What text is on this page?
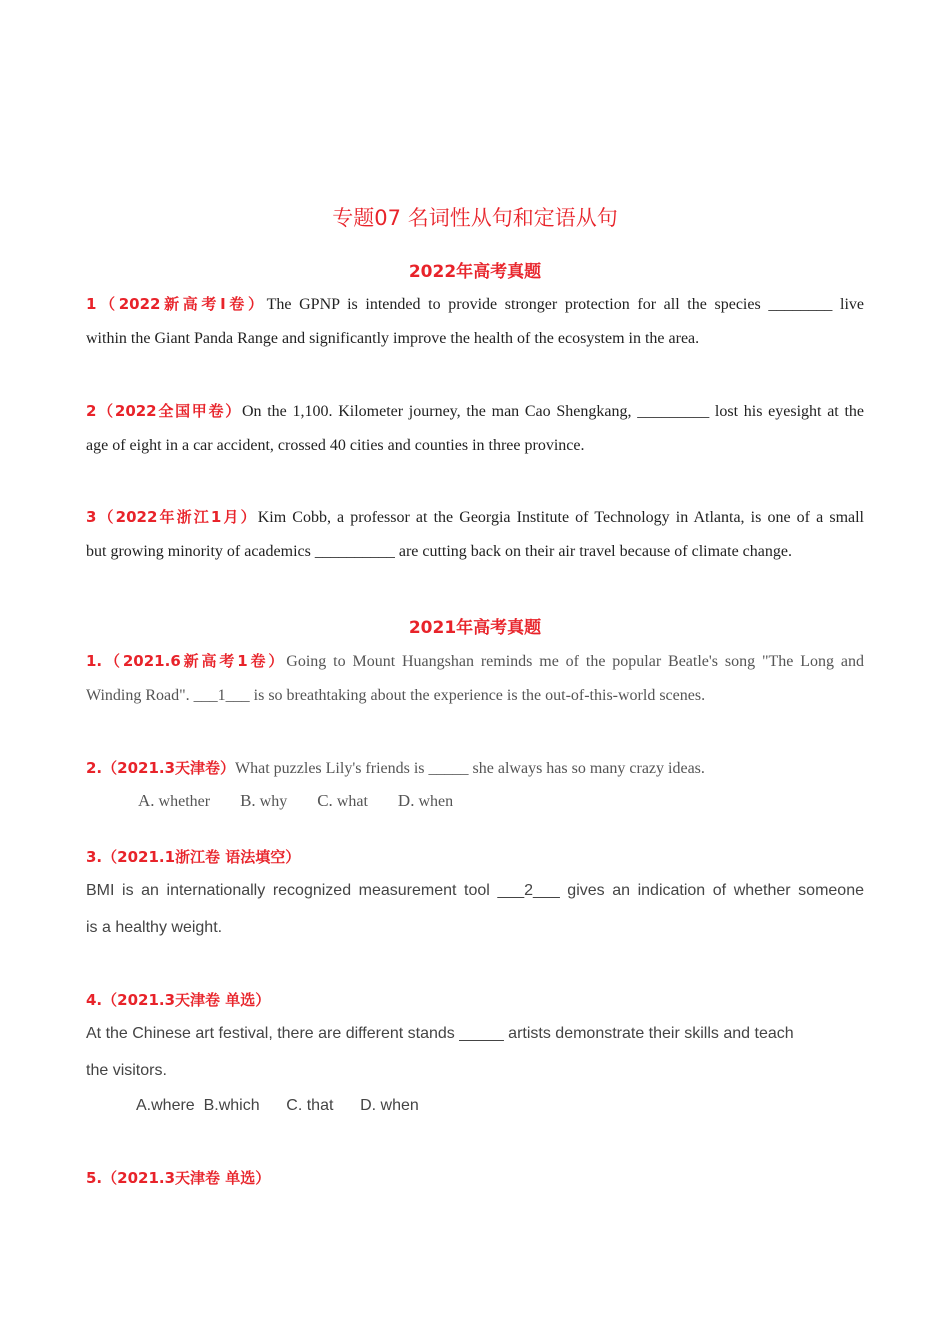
专题07 名词性从句和定语从句
2022年高考真题
1（2022新高考I卷）The GPNP is intended to provide stronger protection for all the species ________ live
within the Giant Panda Range and significantly improve the health of the ecosystem in the area.
2（2022全国甲卷）On the 1,100. Kilometer journey, the man Cao Shengkang, _________ lost his eyesight at the
age of eight in a car accident, crossed 40 cities and counties in three province.
3（2022年浙江1月）Kim Cobb, a professor at the Georgia Institute of Technology in Atlanta, is one of a small
but growing minority of academics __________ are cutting back on their air travel because of climate change.
2021年高考真题
1.（2021.6新高考1卷）Going to Mount Huangshan reminds me of the popular Beatle's song "The Long and
Winding Road". ___1___ is so breathtaking about the experience is the out-of-this-world scenes.
2.（2021.3天津卷）What puzzles Lily's friends is _____ she always has so many crazy ideas.
A. whether B. why C. what D. when
3.（2021.1浙江卷 语法填空）
BMI is an internationally recognized measurement tool ___2___ gives an indication of whether someone
is a healthy weight.
4.（2021.3天津卷 单选）
At the Chinese art festival, there are different stands _____ artists demonstrate their skills and teach
the visitors.
A.where  B.which      C. that      D. when
5.（2021.3天津卷 单选）
